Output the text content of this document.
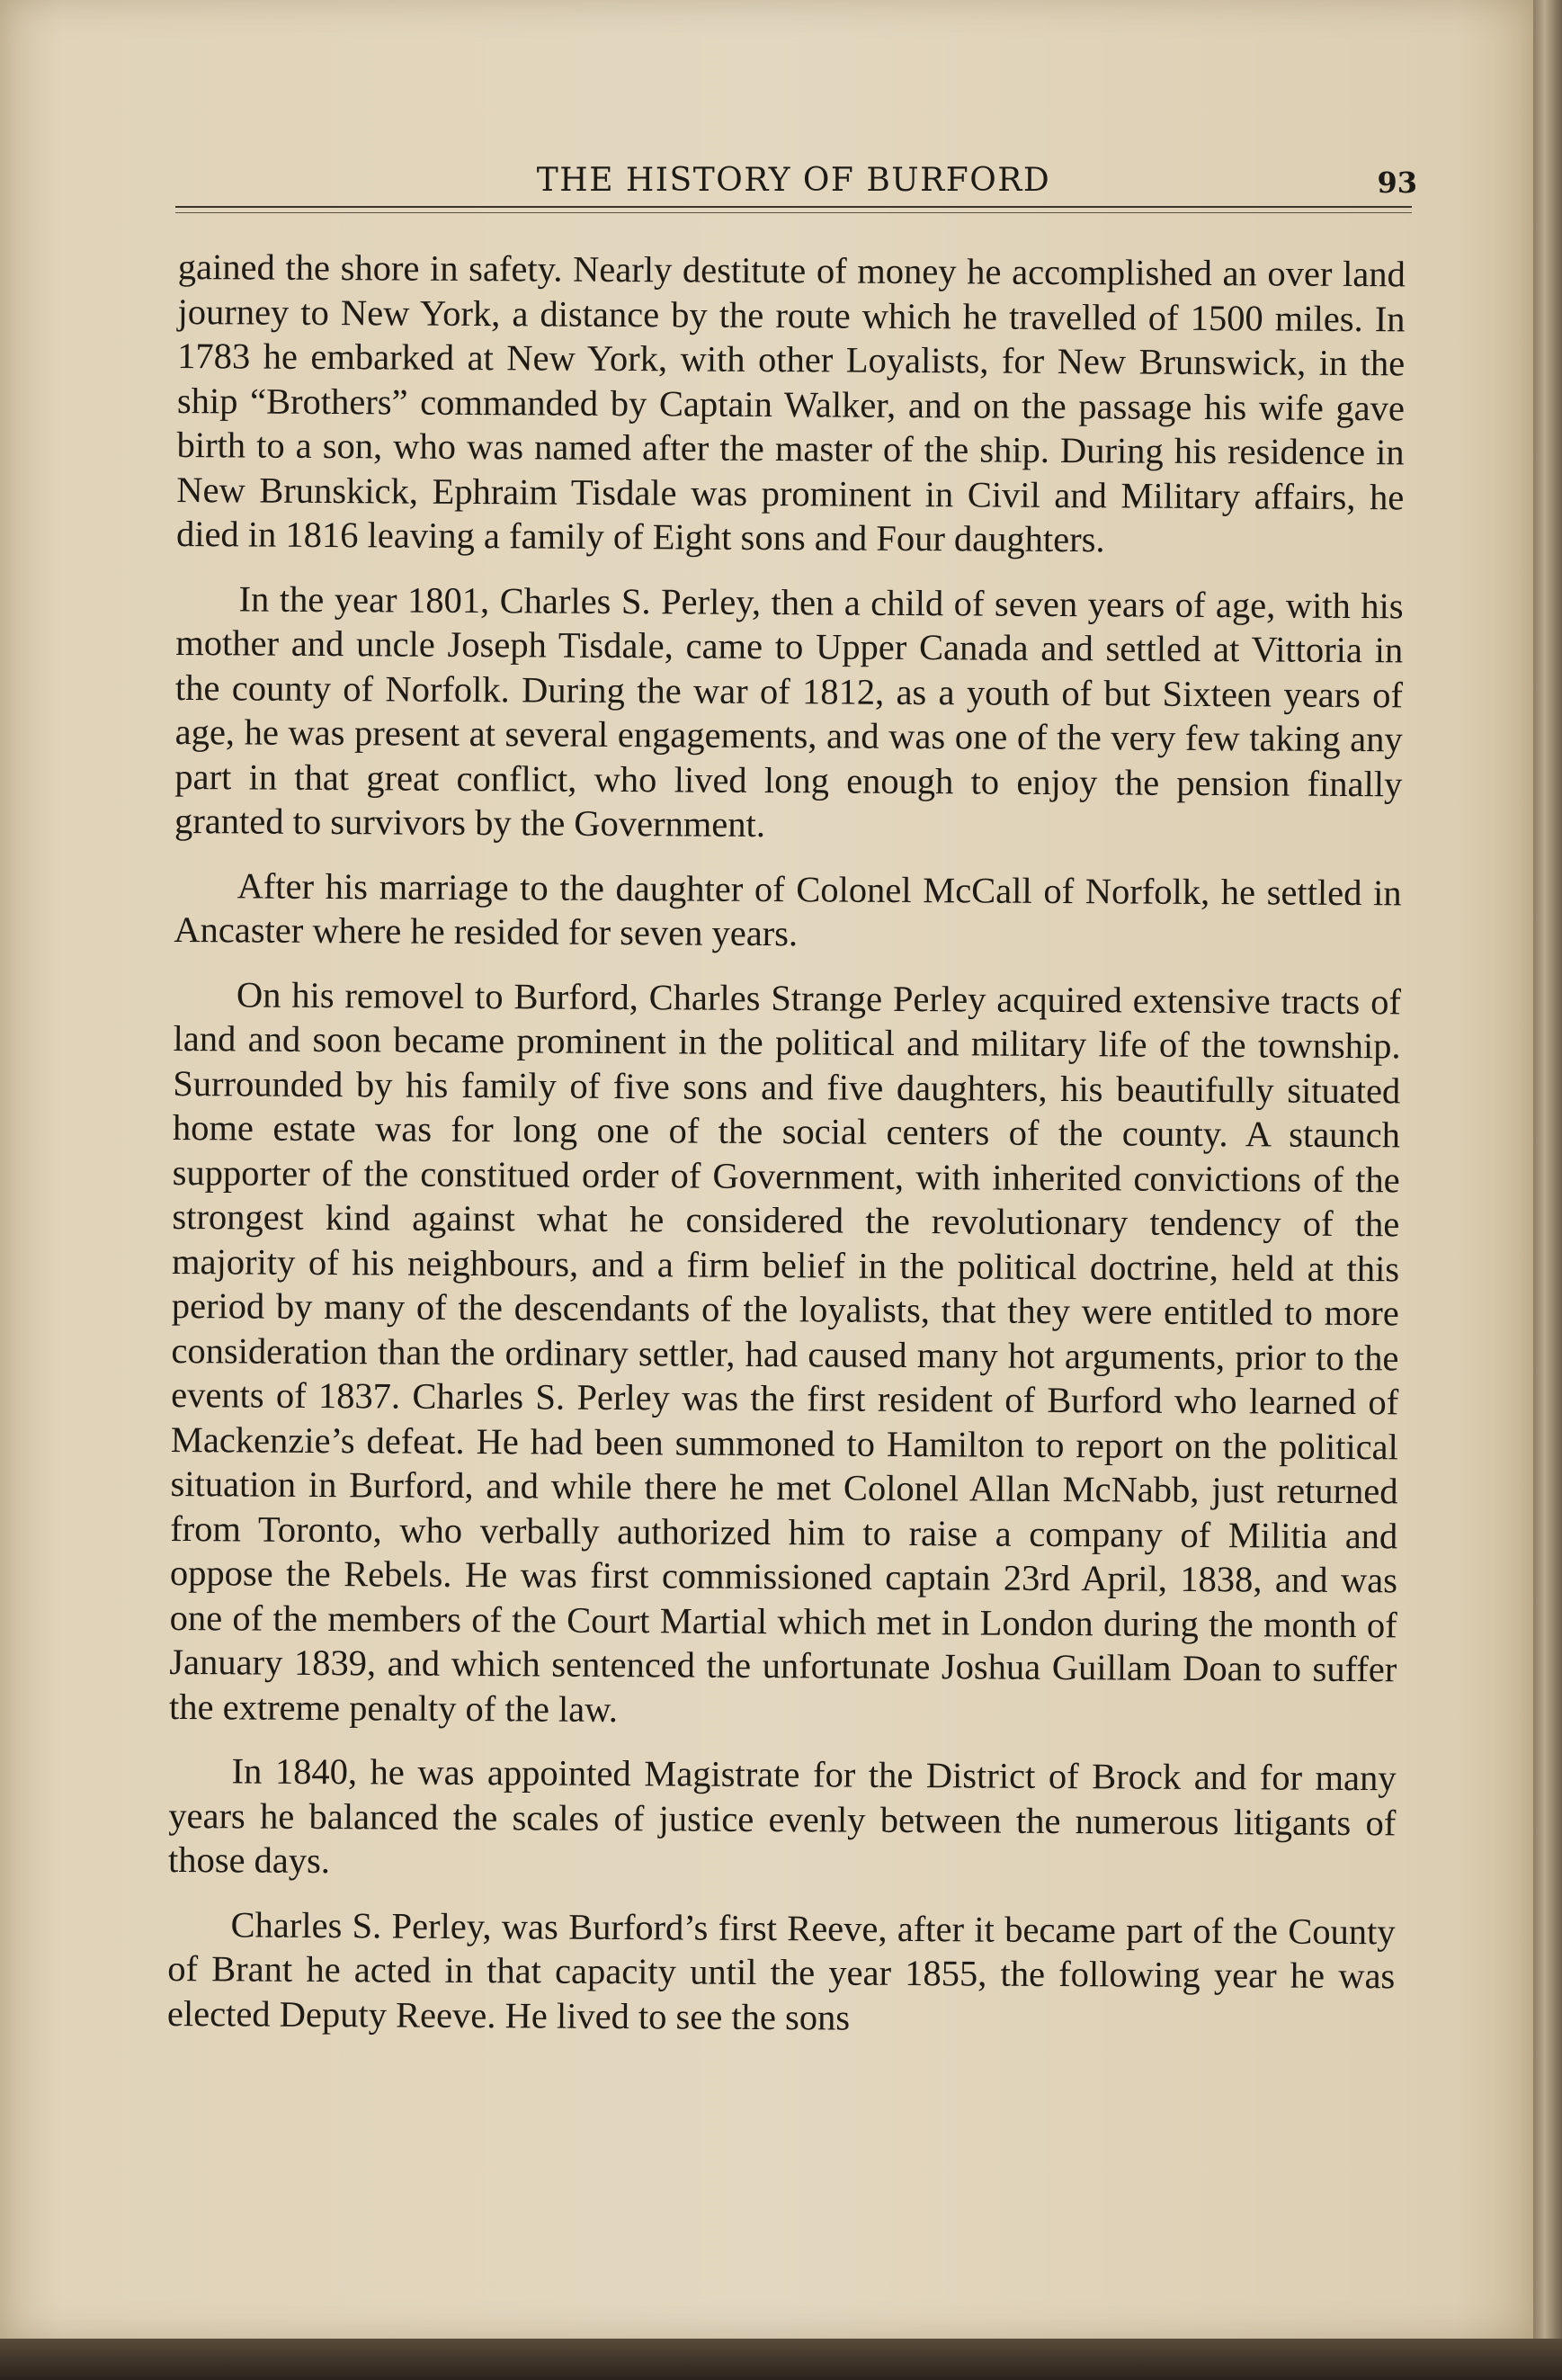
THE HISTORY OF BURFORD	93

gained the shore in safety. Nearly destitute of money he accomplished an over land journey to New York, a distance by the route which he travelled of 1500 miles. In 1783 he embarked at New York, with other Loyalists, for New Brunswick, in the ship “Brothers” commanded by Captain Walker, and on the passage his wife gave birth to a son, who was named after the master of the ship. During his residence in New Brunskick, Ephraim Tisdale was prominent in Civil and Military affairs, he died in 1816 leaving a family of Eight sons and Four daughters.

In the year 1801, Charles S. Perley, then a child of seven years of age, with his mother and uncle Joseph Tisdale, came to Upper Canada and settled at Vittoria in the county of Norfolk. During the war of 1812, as a youth of but Sixteen years of age, he was present at several engagements, and was one of the very few taking any part in that great conflict, who lived long enough to enjoy the pension finally granted to survivors by the Government.

After his marriage to the daughter of Colonel McCall of Norfolk, he settled in Ancaster where he resided for seven years.

On his removel to Burford, Charles Strange Perley acquired extensive tracts of land and soon became prominent in the political and military life of the township. Surrounded by his family of five sons and five daughters, his beautifully situated home estate was for long one of the social centers of the county. A staunch supporter of the constitued order of Government, with inherited convictions of the strongest kind against what he considered the revolutionary tendency of the majority of his neighbours, and a firm belief in the political doctrine, held at this period by many of the descendants of the loyalists, that they were entitled to more consideration than the ordinary settler, had caused many hot arguments, prior to the events of 1837. Charles S. Perley was the first resident of Burford who learned of Mackenzie’s defeat. He had been summoned to Hamilton to report on the political situation in Burford, and while there he met Colonel Allan McNabb, just returned from Toronto, who verbally authorized him to raise a company of Militia and oppose the Rebels. He was first commissioned captain 23rd April, 1838, and was one of the members of the Court Martial which met in London during the month of January 1839, and which sentenced the unfortunate Joshua Guillam Doan to suffer the extreme penalty of the law.

In 1840, he was appointed Magistrate for the District of Brock and for many years he balanced the scales of justice evenly between the numerous litigants of those days.

Charles S. Perley, was Burford’s first Reeve, after it became part of the County of Brant he acted in that capacity until the year 1855, the following year he was elected Deputy Reeve. He lived to see the sons
